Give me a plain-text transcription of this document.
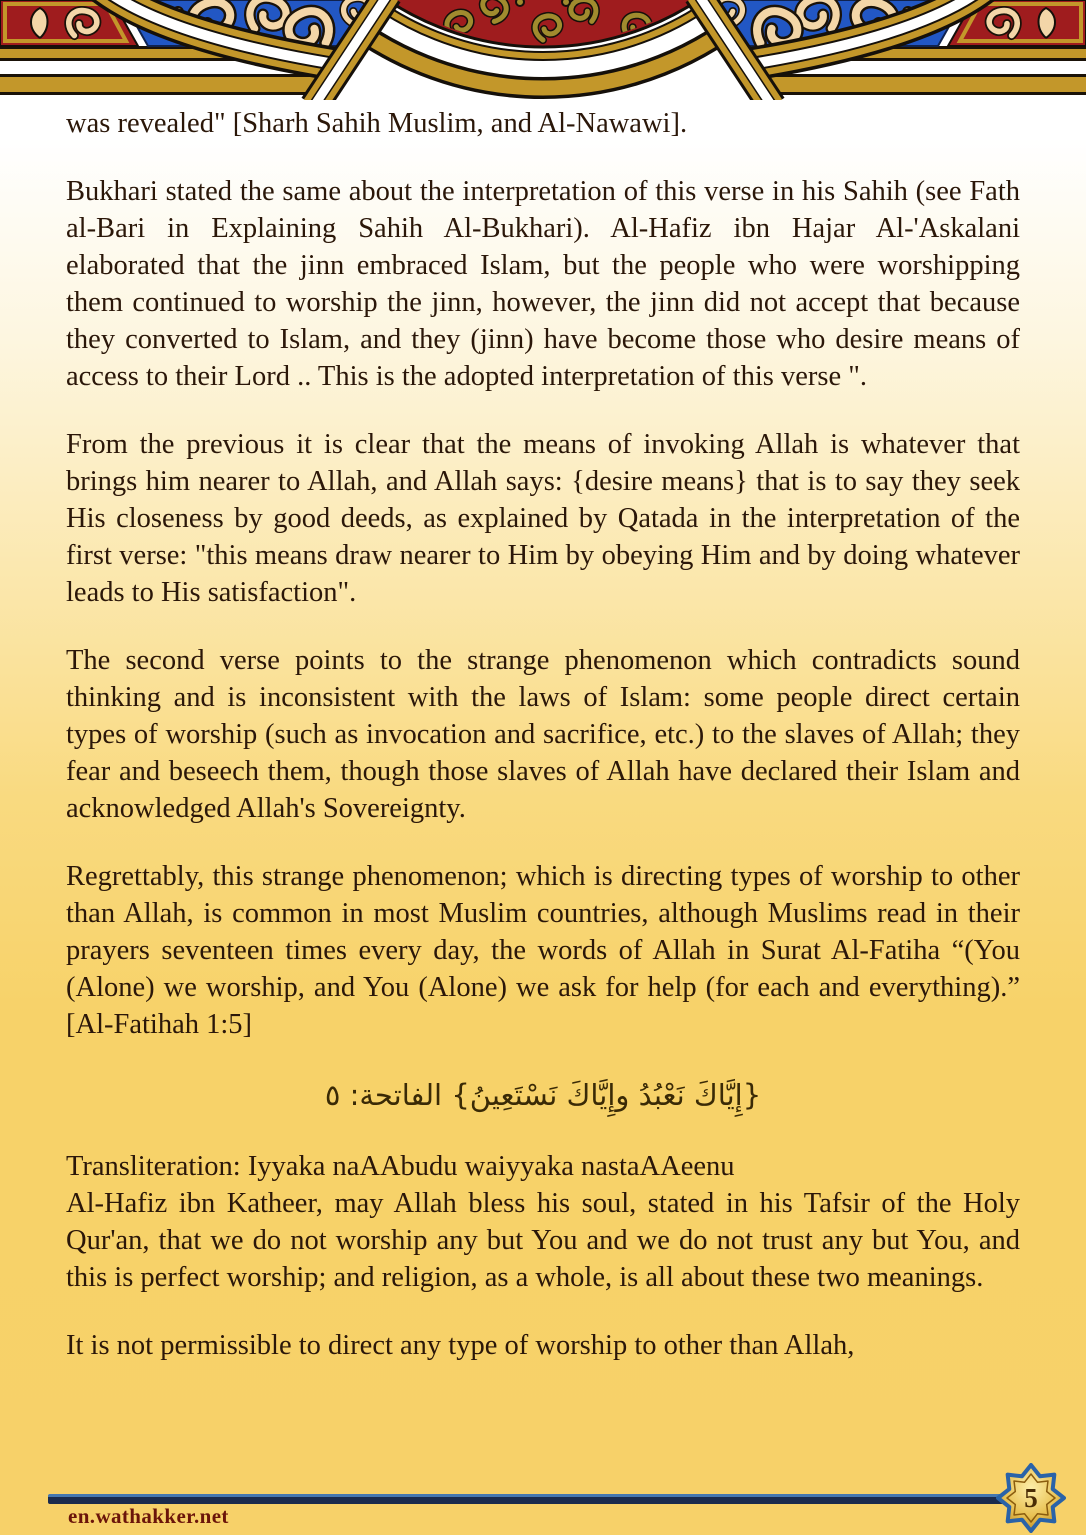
was revealed" [Sharh Sahih Muslim, and Al-Nawawi].

Bukhari stated the same about the interpretation of this verse in his Sahih (see Fath al-Bari in Explaining Sahih Al-Bukhari). Al-Hafiz ibn Hajar Al-'Askalani elaborated that the jinn embraced Islam, but the people who were worshipping them continued to worship the jinn, however, the jinn did not accept that because they converted to Islam, and they (jinn) have become those who desire means of access to their Lord .. This is the adopted interpretation of this verse ".

From the previous it is clear that the means of invoking Allah is whatever that brings him nearer to Allah, and Allah says: {desire means} that is to say they seek His closeness by good deeds, as explained by Qatada in the interpretation of the first verse: "this means draw nearer to Him by obeying Him and by doing whatever leads to His satisfaction".

The second verse points to the strange phenomenon which contradicts sound thinking and is inconsistent with the laws of Islam: some people direct certain types of worship (such as invocation and sacrifice, etc.) to the slaves of Allah; they fear and beseech them, though those slaves of Allah have declared their Islam and acknowledged Allah's Sovereignty.

Regrettably, this strange phenomenon; which is directing types of worship to other than Allah, is common in most Muslim countries, although Muslims read in their prayers seventeen times every day, the words of Allah in Surat Al-Fatiha “(You (Alone) we worship, and You (Alone) we ask for help (for each and everything).” [Al-Fatihah 1:5]

{إِيَّاكَ نَعْبُدُ وإِيَّاكَ نَسْتَعِينُ} الفاتحة: ٥

Transliteration: Iyyaka naAAbudu waiyyaka nastaAAeenu

Al-Hafiz ibn Katheer, may Allah bless his soul, stated in his Tafsir of the Holy Qur'an, that we do not worship any but You and we do not trust any but You, and this is perfect worship; and religion, as a whole, is all about these two meanings.

It is not permissible to direct any type of worship to other than Allah,

en.wathakker.net
5
